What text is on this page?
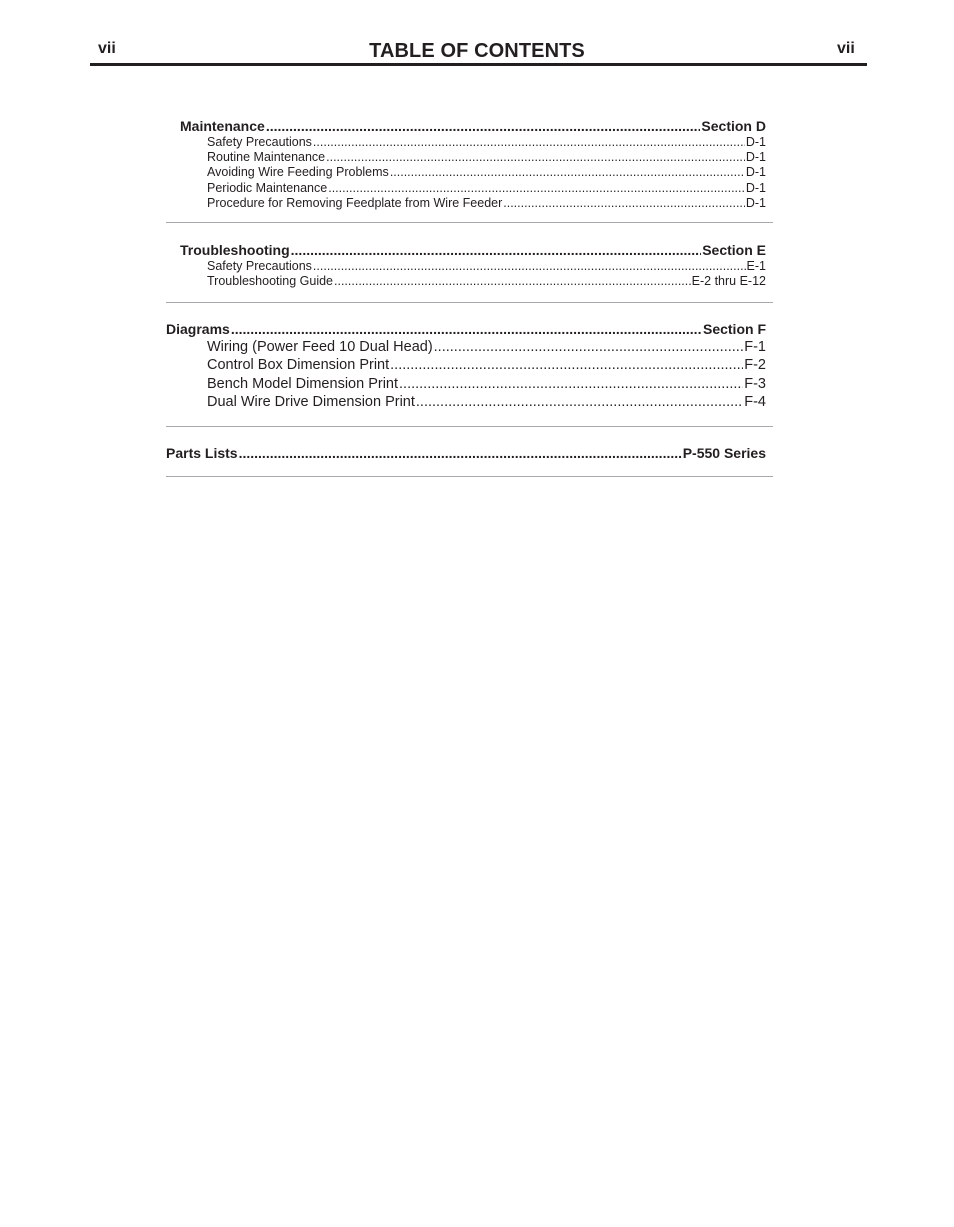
vii	TABLE OF CONTENTS	vii
Maintenance .....	Section D
Safety Precautions .....	D-1
Routine Maintenance .....	D-1
Avoiding Wire Feeding Problems .....	D-1
Periodic Maintenance .....	D-1
Procedure for Removing Feedplate from Wire Feeder .....	D-1
Troubleshooting .....	Section E
Safety Precautions .....	E-1
Troubleshooting Guide .....	E-2 thru E-12
Diagrams .....	Section F
Wiring (Power Feed 10 Dual Head) .....	F-1
Control Box Dimension Print .....	F-2
Bench Model Dimension Print .....	F-3
Dual Wire Drive Dimension Print .....	F-4
Parts Lists .....	P-550 Series
